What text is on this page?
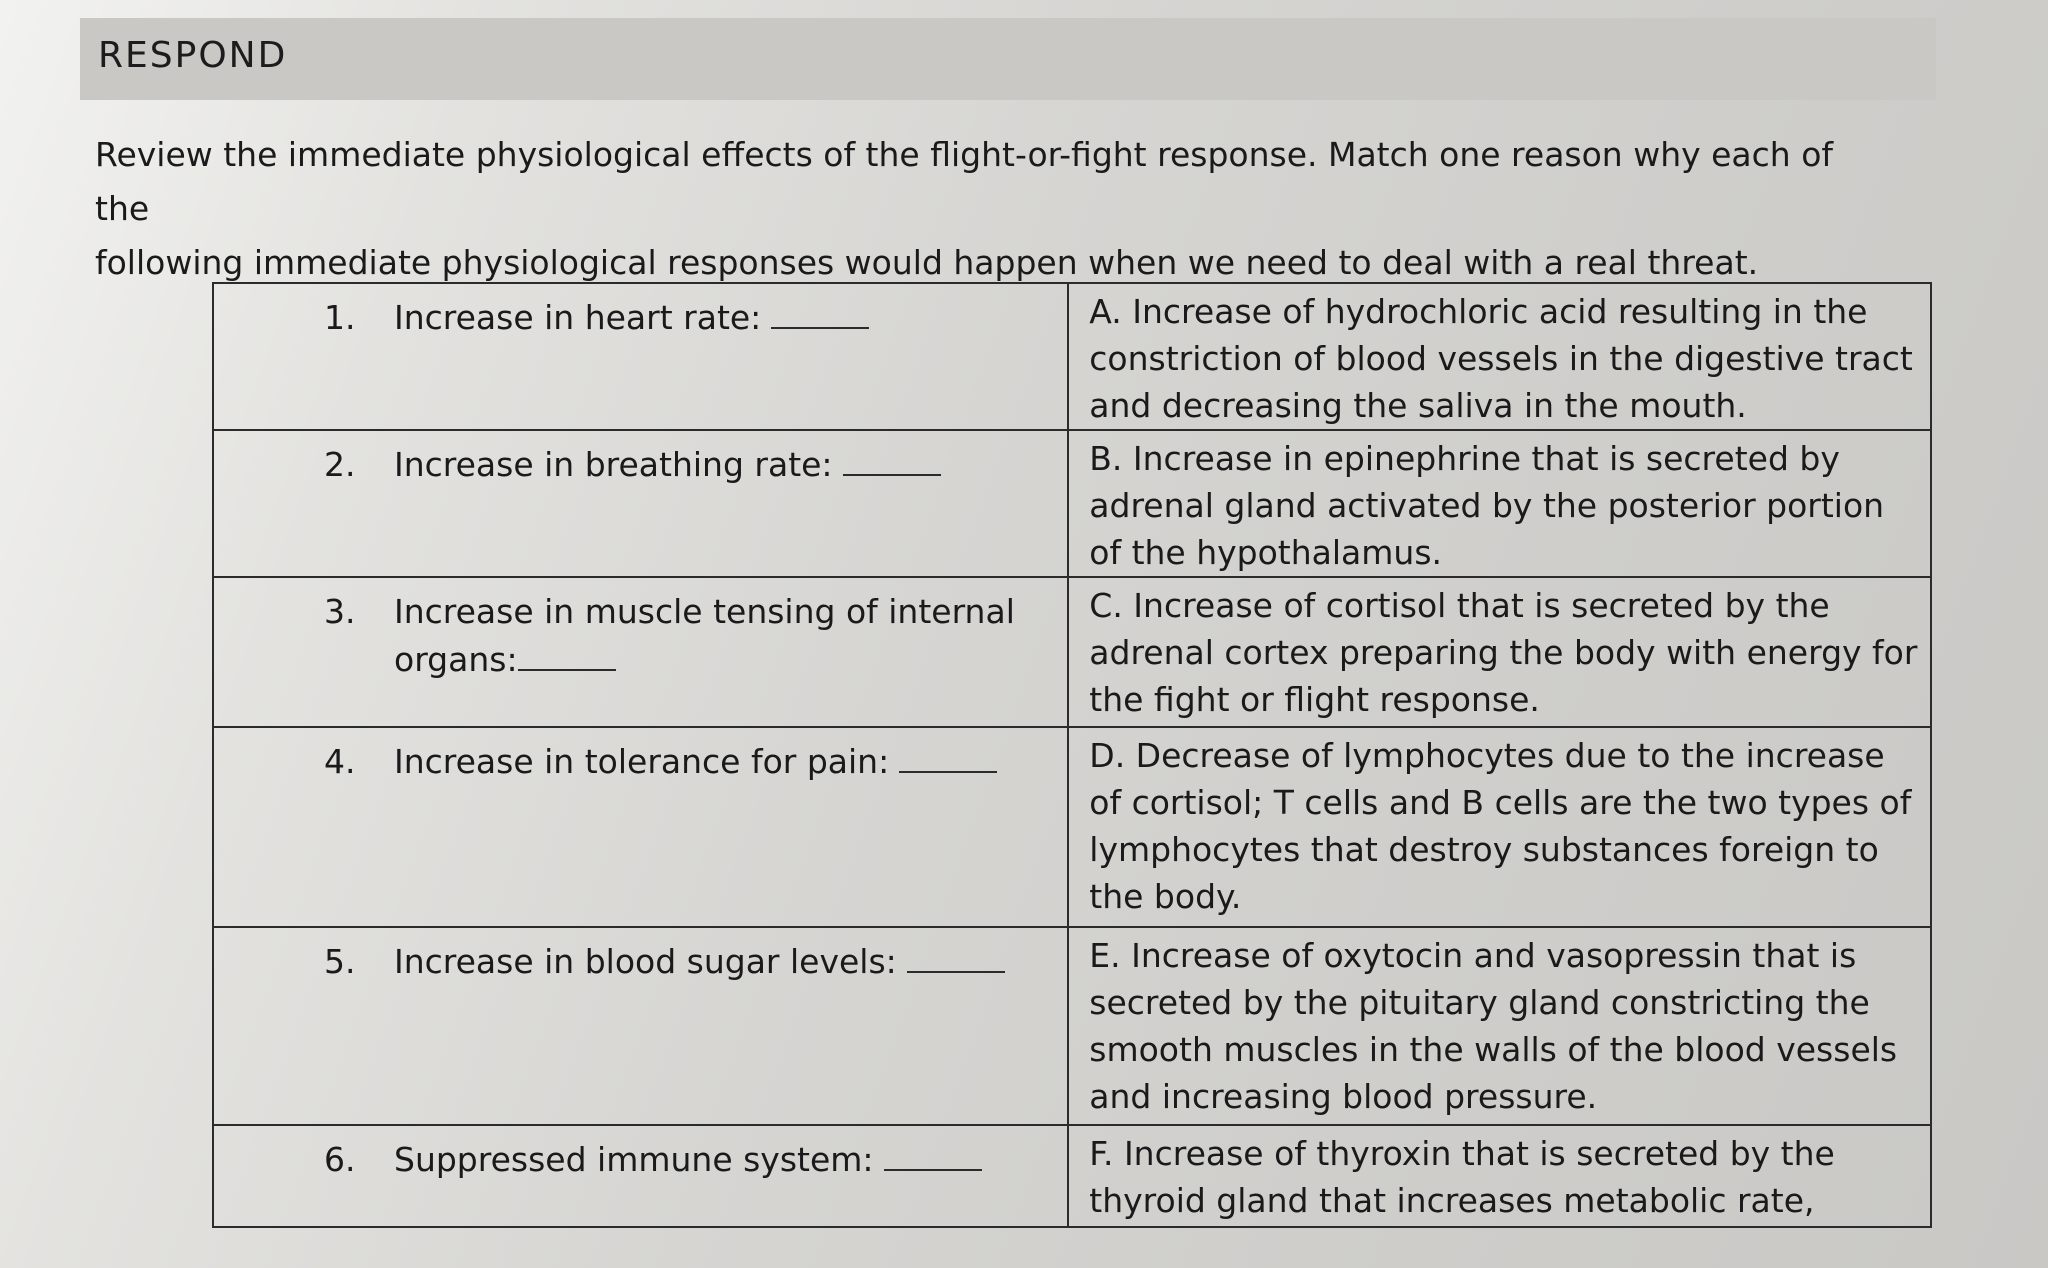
RESPOND

Review the immediate physiological effects of the flight-or-fight response. Match one reason why each of the

following immediate physiological responses would happen when we need to deal with a real threat.

1. Increase in heart rate:	A. Increase of hydrochloric acid resulting in the constriction of blood vessels in the digestive tract and decreasing the saliva in the mouth.

2. Increase in breathing rate:	B. Increase in epinephrine that is secreted by adrenal gland activated by the posterior portion of the hypothalamus.

3. Increase in muscle tensing of internal organs:	C. Increase of cortisol that is secreted by the adrenal cortex preparing the body with energy for the fight or flight response.

4. Increase in tolerance for pain:	D. Decrease of lymphocytes due to the increase of cortisol; T cells and B cells are the two types of lymphocytes that destroy substances foreign to the body.

5. Increase in blood sugar levels:	E. Increase of oxytocin and vasopressin that is secreted by the pituitary gland constricting the smooth muscles in the walls of the blood vessels and increasing blood pressure.

6. Suppressed immune system:	F. Increase of thyroxin that is secreted by the thyroid gland that increases metabolic rate,
